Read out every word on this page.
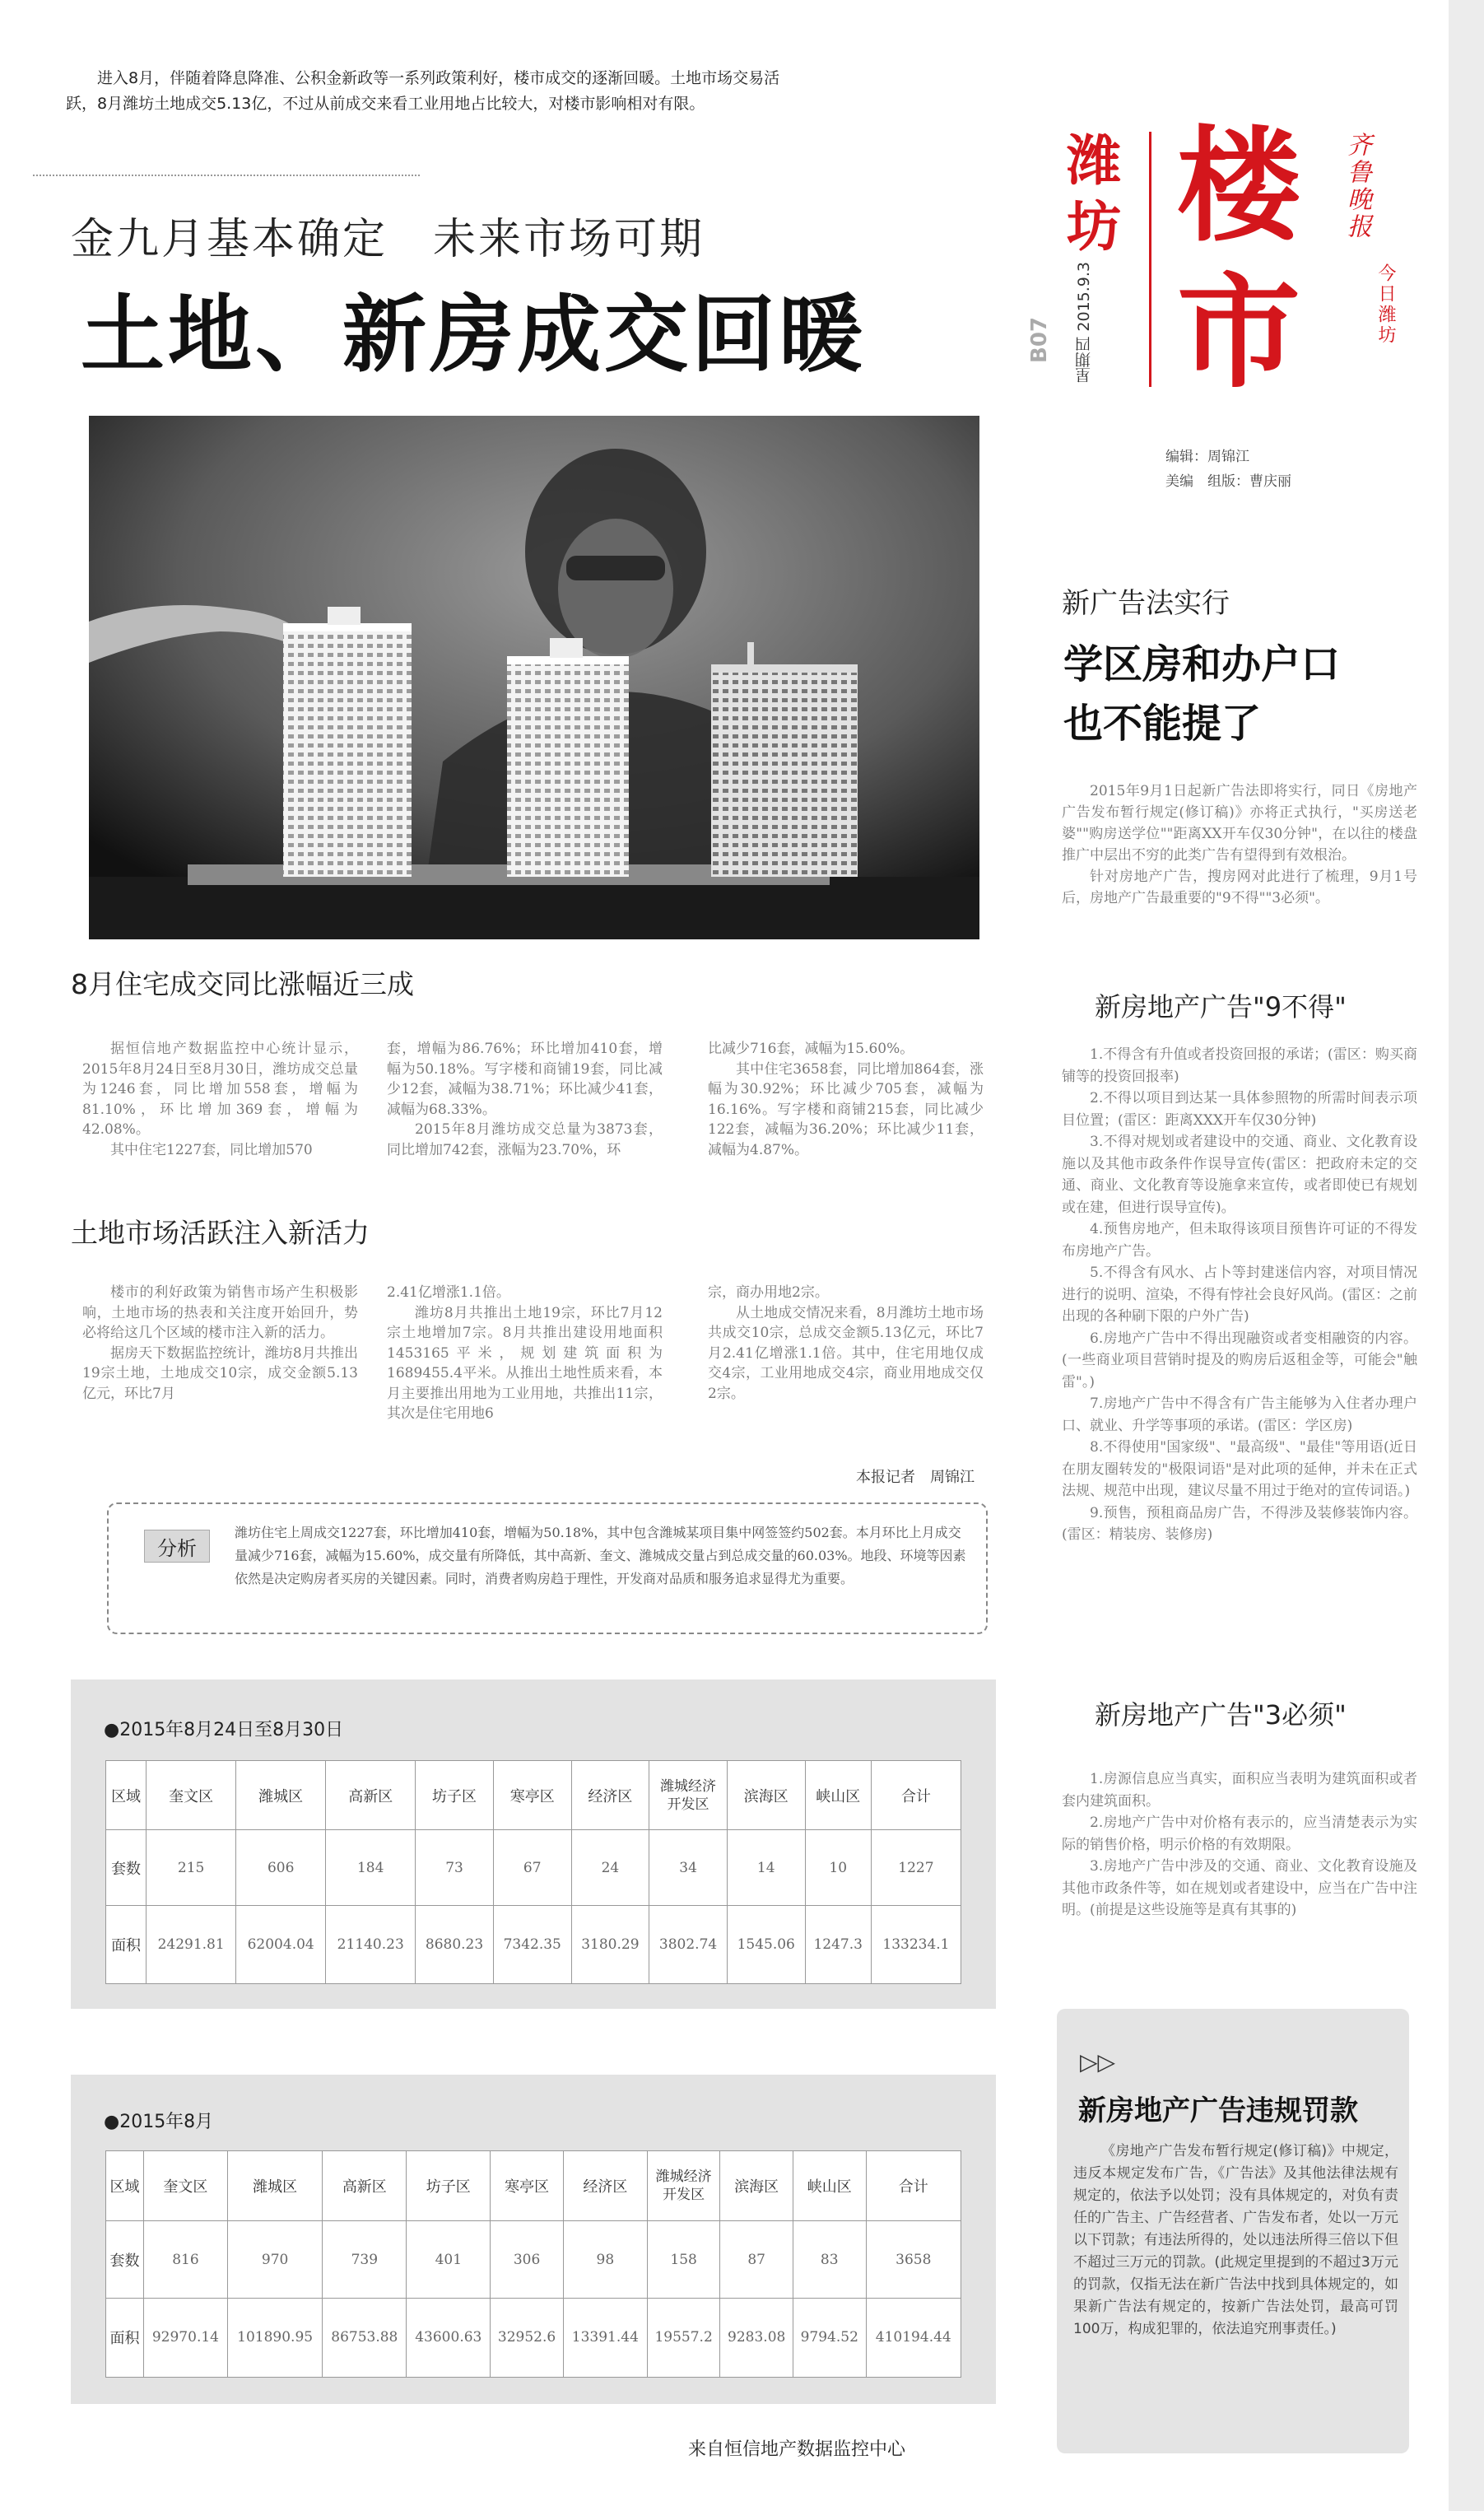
进入8月，伴随着降息降准、公积金新政等一系列政策利好，楼市成交的逐渐回暖。土地市场交易活跃，8月潍坊土地成交5.13亿，不过从前成交来看工业用地占比较大，对楼市影响相对有限。
金九月基本确定　未来市场可期
土地、新房成交回暖
8月住宅成交同比涨幅近三成

据恒信地产数据监控中心统计显示，2015年8月24日至8月30日，潍坊成交总量为1246套，同比增加558套，增幅为81.10%，环比增加369套，增幅为42.08%。

其中住宅1227套，同比增加570

套，增幅为86.76%；环比增加410套，增幅为50.18%。写字楼和商铺19套，同比减少12套，减幅为38.71%；环比减少41套，减幅为68.33%。

2015年8月潍坊成交总量为3873套，同比增加742套，涨幅为23.70%，环

比减少716套，减幅为15.60%。

其中住宅3658套，同比增加864套，涨幅为30.92%；环比减少705套，减幅为16.16%。写字楼和商铺215套，同比减少122套，减幅为36.20%；环比减少11套，减幅为4.87%。

土地市场活跃注入新活力

楼市的利好政策为销售市场产生积极影响，土地市场的热表和关注度开始回升，势必将给这几个区域的楼市注入新的活力。

据房天下数据监控统计，潍坊8月共推出19宗土地，土地成交10宗，成交金额5.13亿元，环比7月

2.41亿增涨1.1倍。

潍坊8月共推出土地19宗，环比7月12宗土地增加7宗。8月共推出建设用地面积1453165平米，规划建筑面积为1689455.4平米。从推出土地性质来看，本月主要推出用地为工业用地，共推出11宗，其次是住宅用地6

宗，商办用地2宗。

从土地成交情况来看，8月潍坊土地市场共成交10宗，总成交金额5.13亿元，环比7月2.41亿增涨1.1倍。其中，住宅用地仅成交4宗，工业用地成交4宗，商业用地成交仅2宗。

本报记者　周锦江
分析
潍坊住宅上周成交1227套，环比增加410套，增幅为50.18%，其中包含潍城某项目集中网签签约502套。本月环比上月成交量减少716套，减幅为15.60%，成交量有所降低，其中高新、奎文、潍城成交量占到总成交量的60.03%。地段、环境等因素依然是决定购房者买房的关键因素。同时，消费者购房趋于理性，开发商对品质和服务追求显得尤为重要。
●2015年8月24日至8月30日
区域	奎文区	潍城区	高新区	坊子区	寒亭区	经济区	潍城经济
开发区	滨海区	峡山区	合计
套数	215	606	184	73	67	24	34	14	10	1227
面积	24291.81	62004.04	21140.23	8680.23	7342.35	3180.29	3802.74	1545.06	1247.3	133234.1
●2015年8月
区域	奎文区	潍城区	高新区	坊子区	寒亭区	经济区	潍城经济
开发区	滨海区	峡山区	合计
套数	816	970	739	401	306	98	158	87	83	3658
面积	92970.14	101890.95	86753.88	43600.63	32952.6	13391.44	19557.2	9283.08	9794.52	410194.44
来自恒信地产数据监控中心
楼
市
潍坊	齐鲁晚报
今日潍坊
B07 星期四 2015.9.3
编辑：周锦江
美编　组版：曹庆丽
新广告法实行
学区房和办户口
也不能提了

2015年9月1日起新广告法即将实行，同日《房地产广告发布暂行规定(修订稿)》亦将正式执行，"买房送老婆""购房送学位""距离XX开车仅30分钟"，在以往的楼盘推广中层出不穷的此类广告有望得到有效根治。

针对房地产广告，搜房网对此进行了梳理，9月1号后，房地产广告最重要的"9不得""3必须"。

新房地产广告"9不得"

1.不得含有升值或者投资回报的承诺；(雷区：购买商铺等的投资回报率)

2.不得以项目到达某一具体参照物的所需时间表示项目位置；(雷区：距离XXX开车仅30分钟)

3.不得对规划或者建设中的交通、商业、文化教育设施以及其他市政条件作误导宣传(雷区：把政府未定的交通、商业、文化教育等设施拿来宣传，或者即使已有规划或在建，但进行误导宣传)。

4.预售房地产，但未取得该项目预售许可证的不得发布房地产广告。

5.不得含有风水、占卜等封建迷信内容，对项目情况进行的说明、渲染，不得有悖社会良好风尚。(雷区：之前出现的各种刷下限的户外广告)

6.房地产广告中不得出现融资或者变相融资的内容。(一些商业项目营销时提及的购房后返租金等，可能会"触雷"。)

7.房地产广告中不得含有广告主能够为入住者办理户口、就业、升学等事项的承诺。(雷区：学区房)

8.不得使用"国家级"、"最高级"、"最佳"等用语(近日在朋友圈转发的"极限词语"是对此项的延伸，并未在正式法规、规范中出现，建议尽量不用过于绝对的宣传词语。)

9.预售，预租商品房广告，不得涉及装修装饰内容。(雷区：精装房、装修房)

新房地产广告"3必须"

1.房源信息应当真实，面积应当表明为建筑面积或者套内建筑面积。

2.房地产广告中对价格有表示的，应当清楚表示为实际的销售价格，明示价格的有效期限。

3.房地产广告中涉及的交通、商业、文化教育设施及其他市政条件等，如在规划或者建设中，应当在广告中注明。(前提是这些设施等是真有其事的)

▷▷
新房地产广告违规罚款
《房地产广告发布暂行规定(修订稿)》中规定，违反本规定发布广告，《广告法》及其他法律法规有规定的，依法予以处罚；没有具体规定的，对负有责任的广告主、广告经营者、广告发布者，处以一万元以下罚款；有违法所得的，处以违法所得三倍以下但不超过三万元的罚款。(此规定里提到的不超过3万元的罚款，仅指无法在新广告法中找到具体规定的，如果新广告法有规定的，按新广告法处罚，最高可罚100万，构成犯罪的，依法追究刑事责任。)
